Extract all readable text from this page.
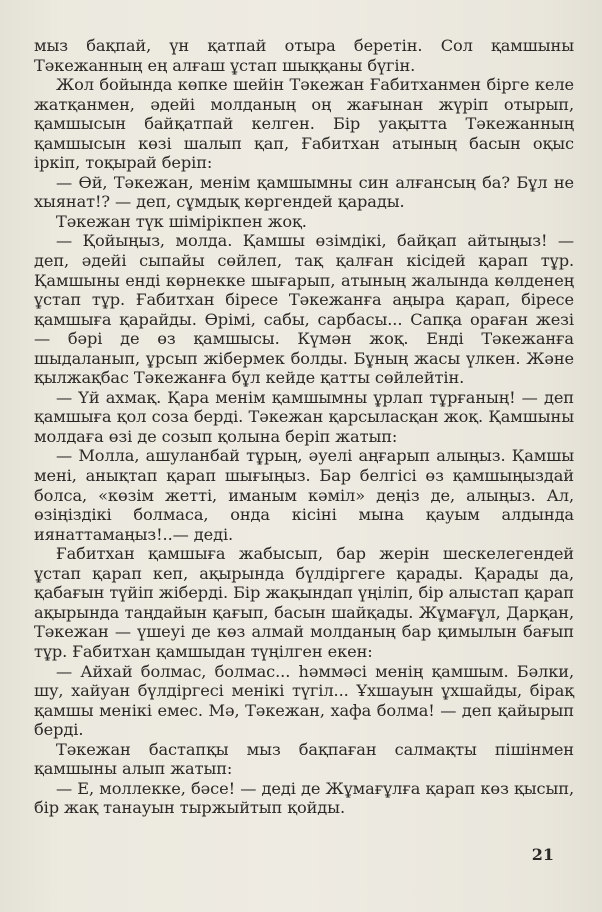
мыз бақпай, үн қатпай отыра беретін. Сол қамшыны Тәкежанның ең алғаш ұстап шыққаны бүгін.

Жол бойында көпке шейін Тәкежан Ғабитханмен бірге келе жатқанмен, әдейі молданың оң жағынан жүріп отырып, қамшысын байқатпай келген. Бір уақытта Тәкежанның қамшысын көзі шалып қап, Ғабитхан атының басын оқыс іркіп, тоқырай беріп:

— Өй, Тәкежан, менім қамшымны син алғансың ба? Бұл не хыянат!? — деп, сұмдық көргендей қарады.

Тәкежан түк шімірікпен жоқ.

— Қойыңыз, молда. Қамшы өзімдікі, байқап айтыңыз! — деп, әдейі сыпайы сөйлеп, тақ қалған кісідей қарап тұр. Қамшыны енді көрнекке шығарып, атының жалында көлденең ұстап тұр. Ғабитхан біресе Тәкежанға аңыра қарап, біресе қамшыға қарайды. Өрімі, сабы, сарбасы... Сапқа ораған жезі — бәрі де өз қамшысы. Күмән жоқ. Енді Тәкежанға шыдаланып, ұрсып жібермек болды. Бұның жасы үлкен. Және қылжақбас Тәкежанға бұл кейде қатты сөйлейтін.

— Үй ахмақ. Қара менім қамшымны ұрлап тұрғаның! — деп қамшыға қол соза берді. Тәкежан қарсыласқан жоқ. Қамшыны молдаға өзі де созып қолына беріп жатып:

— Молла, ашуланбай тұрың, әуелі аңғарып алыңыз. Қамшы мені, анықтап қарап шығыңыз. Бар белгісі өз қамшыңыздай болса, «көзім жетті, иманым кәміл» деңіз де, алыңыз. Ал, өзіңіздікі болмаса, онда кісіні мына қауым алдында иянаттамаңыз!..— деді.

Ғабитхан қамшыға жабысып, бар жерін шескелегендей ұстап қарап кеп, ақырында бүлдіргеге қарады. Қарады да, қабағын түйіп жіберді. Бір жақындап үңіліп, бір алыстап қарап ақырында таңдайын қағып, басын шайқады. Жұмағұл, Дарқан, Тәкежан — үшеуі де көз алмай молданың бар қимылын бағып тұр. Ғабитхан қамшыдан түңілген екен:

— Айхай болмас, болмас... һәммәсі менің қамшым. Бәлки, шу, хайуан бүлдіргесі менікі түгіл... Ұхшауын ұхшайды, бірақ қамшы менікі емес. Мә, Тәкежан, хафа болма! — деп қайырып берді.

Тәкежан бастапқы мыз бақпаған салмақты пішінмен қамшыны алып жатып:

— Е, моллекке, бәсе! — деді де Жұмағұлға қарап көз қысып, бір жақ танауын тыржыйтып қойды.

21
